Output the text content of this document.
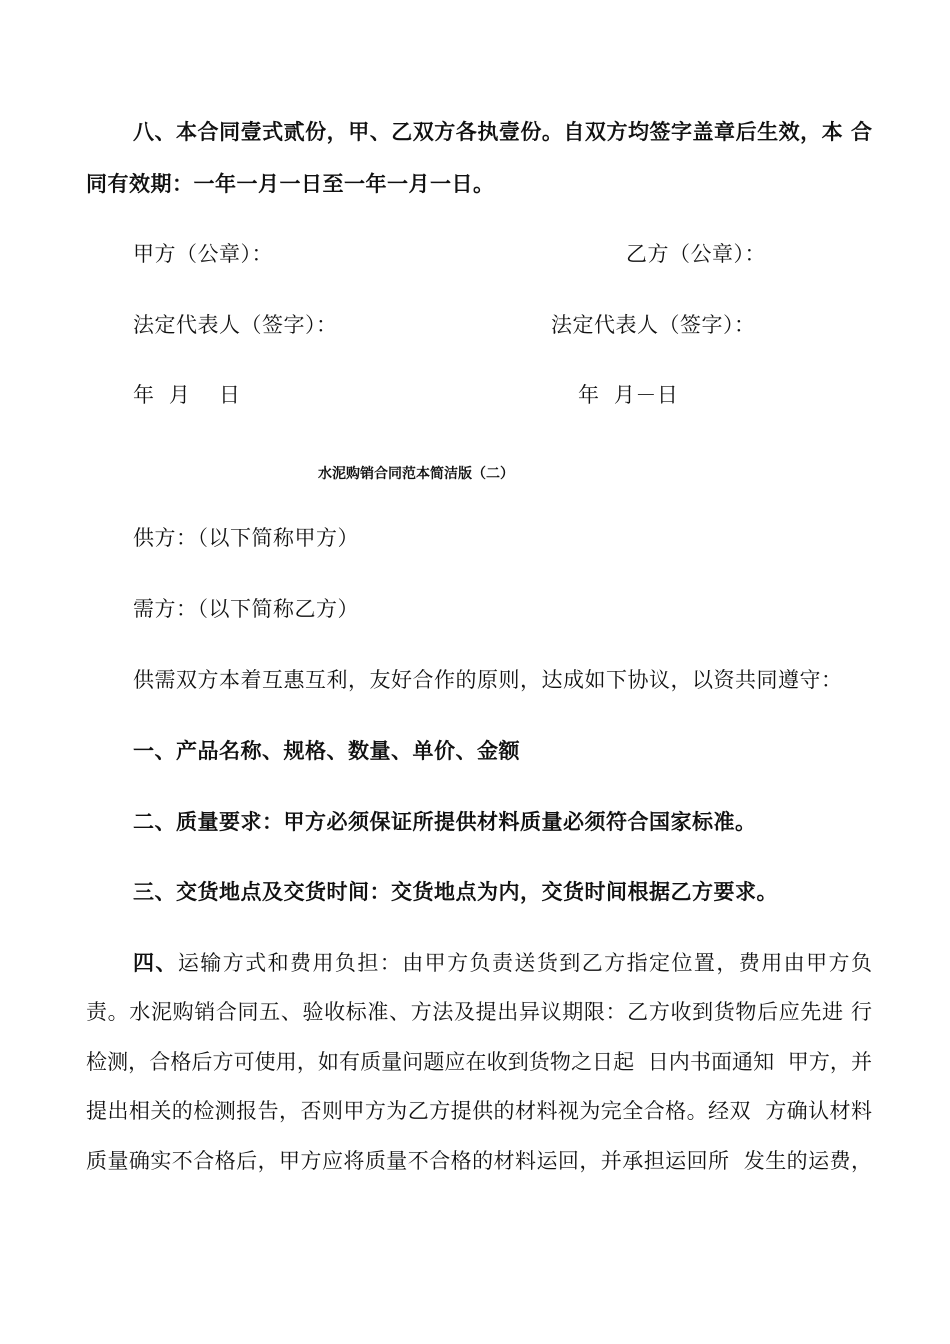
八、本合同壹式贰份，甲、乙双方各执壹份。自双方均签字盖章后生效，本 合
同有效期：一年一月一日至一年一月一日。
甲方（公章）：	乙方（公章）：
法定代表人（签字）：	法定代表人（签字）：
年  月    日	年  月－日
水泥购销合同范本简洁版（二）
供方：（以下简称甲方）
需方：（以下简称乙方）
供需双方本着互惠互利，友好合作的原则，达成如下协议，以资共同遵守：
一、产品名称、规格、数量、单价、金额
二、质量要求：甲方必须保证所提供材料质量必须符合国家标准。
三、交货地点及交货时间：交货地点为内，交货时间根据乙方要求。
四、运输方式和费用负担：由甲方负责送货到乙方指定位置，费用由甲方负
责。水泥购销合同五、验收标准、方法及提出异议期限：乙方收到货物后应先进 行
检测，合格后方可使用，如有质量问题应在收到货物之日起  日内书面通知  甲方，并
提出相关的检测报告，否则甲方为乙方提供的材料视为完全合格。经双  方确认材料
质量确实不合格后，甲方应将质量不合格的材料运回，并承担运回所  发生的运费，
